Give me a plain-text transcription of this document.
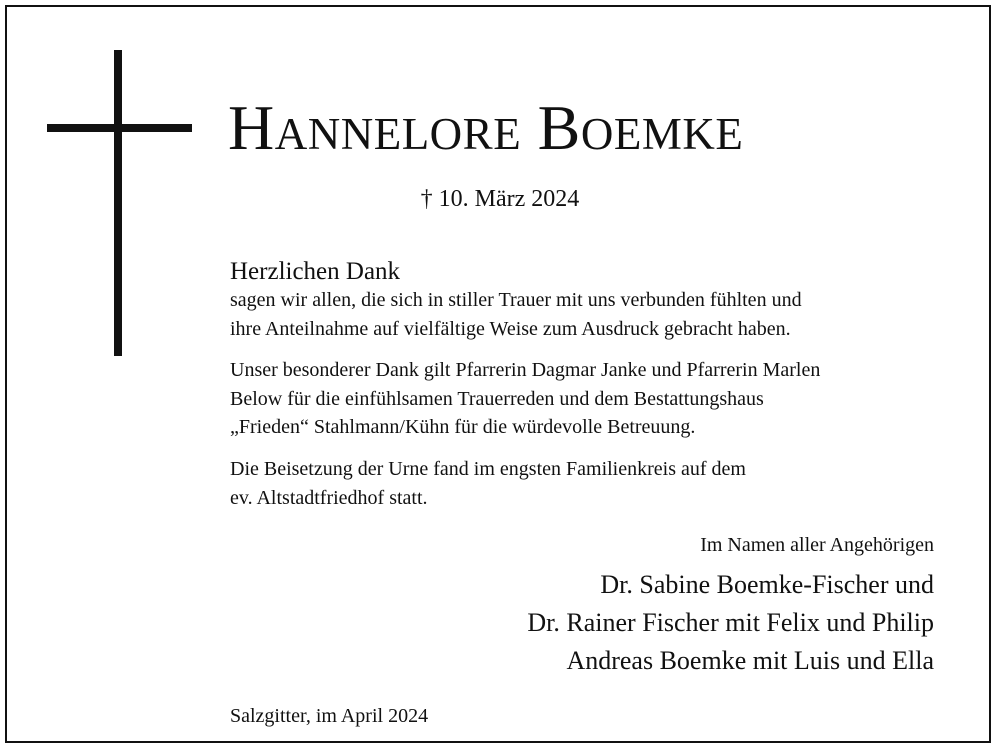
Hannelore Boemke
† 10. März 2024
Herzlichen Dank
sagen wir allen, die sich in stiller Trauer mit uns verbunden fühlten und
ihre Anteilnahme auf vielfältige Weise zum Ausdruck gebracht haben.
Unser besonderer Dank gilt Pfarrerin Dagmar Janke und Pfarrerin Marlen
Below für die einfühlsamen Trauerreden und dem Bestattungshaus
„Frieden“ Stahlmann/Kühn für die würdevolle Betreuung.
Die Beisetzung der Urne fand im engsten Familienkreis auf dem
ev. Altstadtfriedhof statt.
Im Namen aller Angehörigen
Dr. Sabine Boemke-Fischer und
Dr. Rainer Fischer mit Felix und Philip
Andreas Boemke mit Luis und Ella
Salzgitter, im April 2024
